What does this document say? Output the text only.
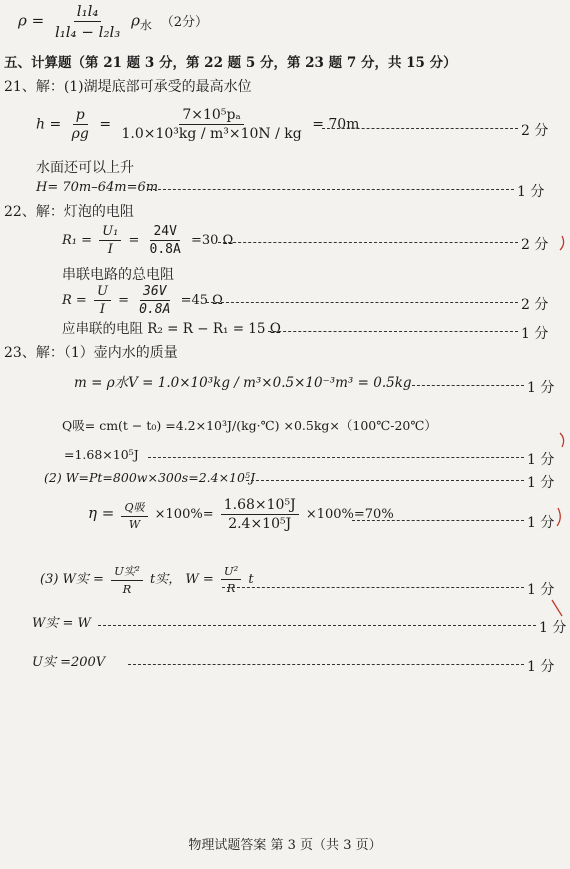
$\rho = \frac{\text{l₁l₄}}{\text{l₁l₄ − l₂l₃}} \rho_水$ （2分）
五、计算题（第 21 题 3 分，第 22 题 5 分，第 23 题 7 分，共 15 分）
21、解：(1)湖堤底部可承受的最高水位
$h = \frac{p}{\rho g} = \frac{\text{7×10⁵pₐ}}{\text{1.0×10³kg / m³×10N / kg}} = 70m$	2 分
水面还可以上升
H= 70m–64m=6m	1 分
22、解：灯泡的电阻
$R_1 = \frac{\text{U₁}}{I} = \frac{24V}{0.8A} =30$ Ω	2 分
串联电路的总电阻
$R = \frac{U}{I} = \frac{36V}{0.8A} =45$ Ω	2 分
应串联的电阻 R₂ = R − R₁ = 15 Ω	1 分
23、解：（1）壶内水的质量
m = ρ水V = 1.0×10³kg / m³×0.5×10⁻³m³ = 0.5kg	1 分
Q吸= cm(t − t₀) =4.2×10³J/(kg·℃) ×0.5kg×（100℃-20℃）
=1.68×10⁵J	1 分
(2) W=Pt=800w×300s=2.4×10⁵J	1 分
$\eta = \frac{\text{Q吸}}{W} \times 100\%= \frac{\text{1.68×10⁵J}}{\text{2.4×10⁵J}} \times 100\%=70\%$
1 分
(3) W实 = $\frac{\text{U实²}}{R}$ t实， $W = \frac{\text{U²}}{R}$ t
1 分
W实 = W	1 分
U实 =200V	1 分
物理试题答案 第 3 页（共 3 页）
